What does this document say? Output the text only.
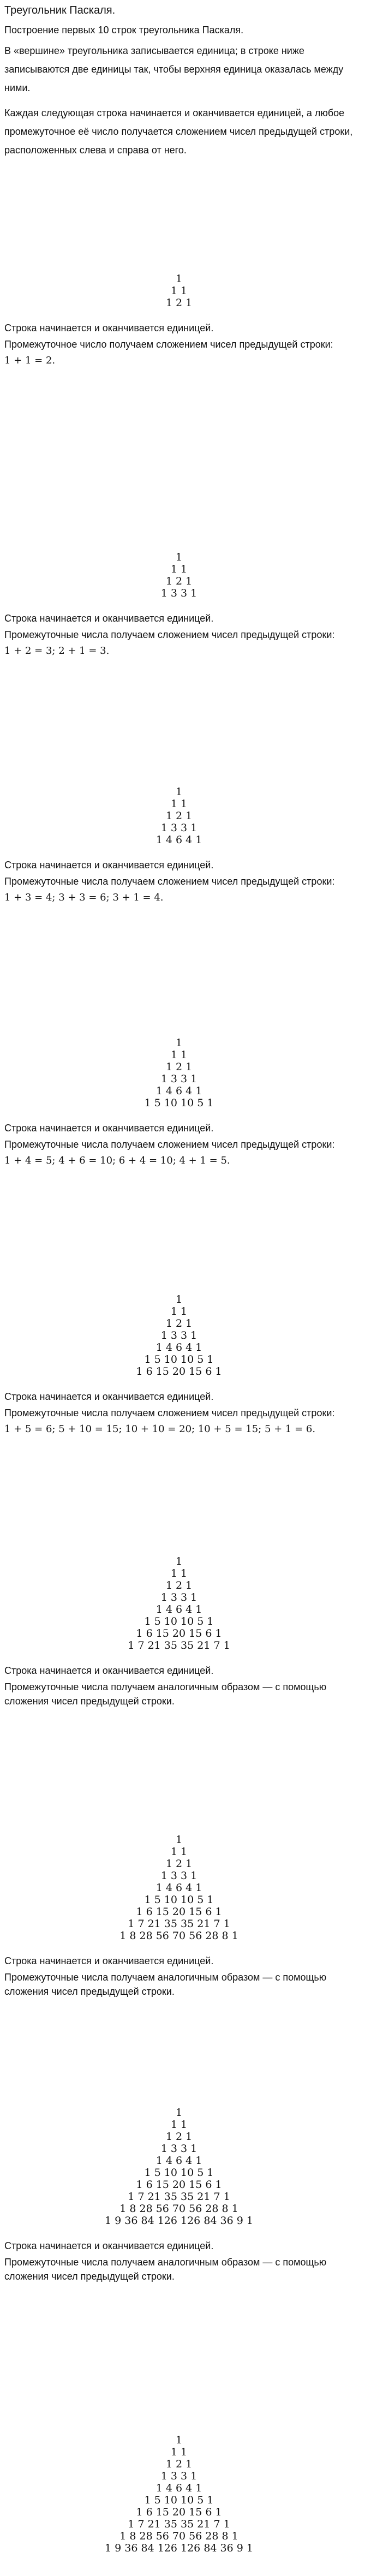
Треугольник Паскаля.

Построение первых 10 строк треугольника Паскаля.

В «вершине» треугольника записывается единица; в строке ниже записываются две единицы так, чтобы верхняя единица оказалась между ними.

Каждая следующая строка начинается и оканчивается единицей, а любое промежуточное её число получается сложением чисел предыдущей строки, расположенных слева и справа от него.

1
1 1
1 2 1

Строка начинается и оканчивается единицей.

Промежуточное число получаем сложением чисел предыдущей строки:

1 + 1 = 2.

1
1 1
1 2 1
1 3 3 1

Строка начинается и оканчивается единицей.

Промежуточные числа получаем сложением чисел предыдущей строки:

1 + 2 = 3; 2 + 1 = 3.

1
1 1
1 2 1
1 3 3 1
1 4 6 4 1

Строка начинается и оканчивается единицей.

Промежуточные числа получаем сложением чисел предыдущей строки:

1 + 3 = 4; 3 + 3 = 6; 3 + 1 = 4.

1
1 1
1 2 1
1 3 3 1
1 4 6 4 1
1 5 10 10 5 1

Строка начинается и оканчивается единицей.

Промежуточные числа получаем сложением чисел предыдущей строки:

1 + 4 = 5; 4 + 6 = 10; 6 + 4 = 10; 4 + 1 = 5.

1
1 1
1 2 1
1 3 3 1
1 4 6 4 1
1 5 10 10 5 1
1 6 15 20 15 6 1

Строка начинается и оканчивается единицей.

Промежуточные числа получаем сложением чисел предыдущей строки:

1 + 5 = 6; 5 + 10 = 15; 10 + 10 = 20; 10 + 5 = 15; 5 + 1 = 6.

1
1 1
1 2 1
1 3 3 1
1 4 6 4 1
1 5 10 10 5 1
1 6 15 20 15 6 1
1 7 21 35 35 21 7 1

Строка начинается и оканчивается единицей.

Промежуточные числа получаем аналогичным образом — с помощью сложения чисел предыдущей строки.

1
1 1
1 2 1
1 3 3 1
1 4 6 4 1
1 5 10 10 5 1
1 6 15 20 15 6 1
1 7 21 35 35 21 7 1
1 8 28 56 70 56 28 8 1

Строка начинается и оканчивается единицей.

Промежуточные числа получаем аналогичным образом — с помощью сложения чисел предыдущей строки.

1
1 1
1 2 1
1 3 3 1
1 4 6 4 1
1 5 10 10 5 1
1 6 15 20 15 6 1
1 7 21 35 35 21 7 1
1 8 28 56 70 56 28 8 1
1 9 36 84 126 126 84 36 9 1

Строка начинается и оканчивается единицей.

Промежуточные числа получаем аналогичным образом — с помощью сложения чисел предыдущей строки.

1
1 1
1 2 1
1 3 3 1
1 4 6 4 1
1 5 10 10 5 1
1 6 15 20 15 6 1
1 7 21 35 35 21 7 1
1 8 28 56 70 56 28 8 1
1 9 36 84 126 126 84 36 9 1
